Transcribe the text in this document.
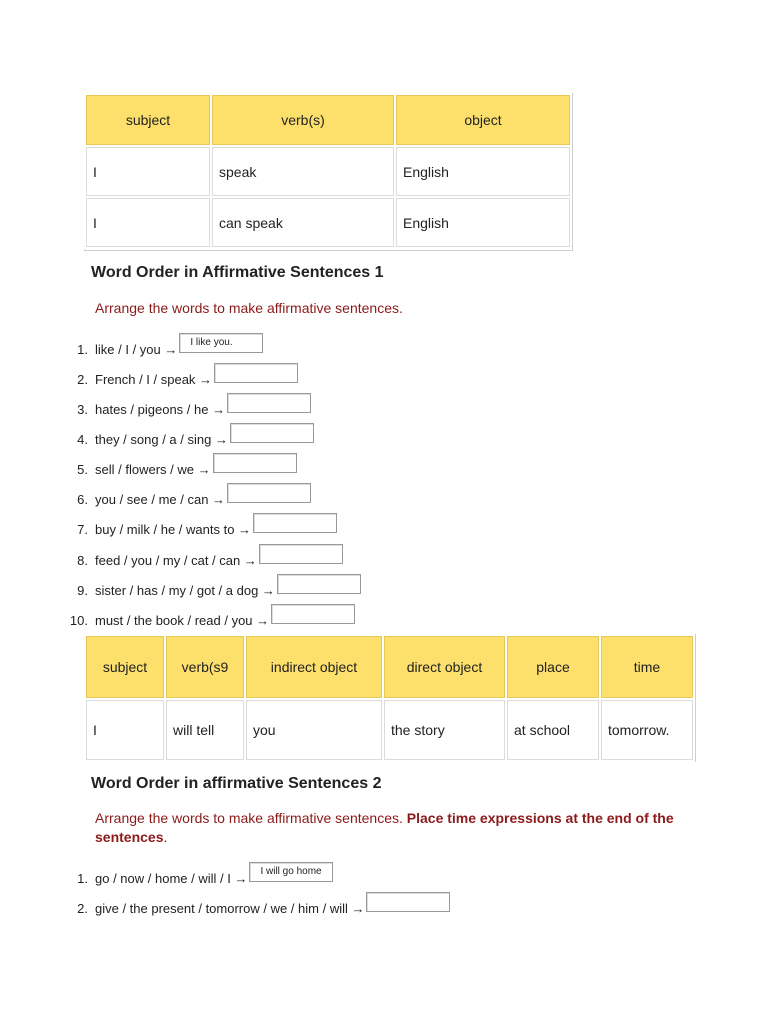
subject	verb(s)	object
I	speak	English
I	can speak	English
Word Order in Affirmative Sentences 1

Arrange the words to make affirmative sentences.

1. like / I / you → I like you.
2. French / I / speak →
3. hates / pigeons / he →
4. they / song / a / sing →
5. sell / flowers / we →
6. you / see / me / can →
7. buy / milk / he / wants to →
8. feed / you / my / cat / can →
9. sister / has / my / got / a dog →
10. must / the book / read / you →
subject	verb(s9	indirect object	direct object	place	time
I	will tell	you	the story	at school	tomorrow.
Word Order in affirmative Sentences 2

Arrange the words to make affirmative sentences. Place time expressions at the end of the sentences.

1. go / now / home / will / I → I will go home
2. give / the present / tomorrow / we / him / will →
